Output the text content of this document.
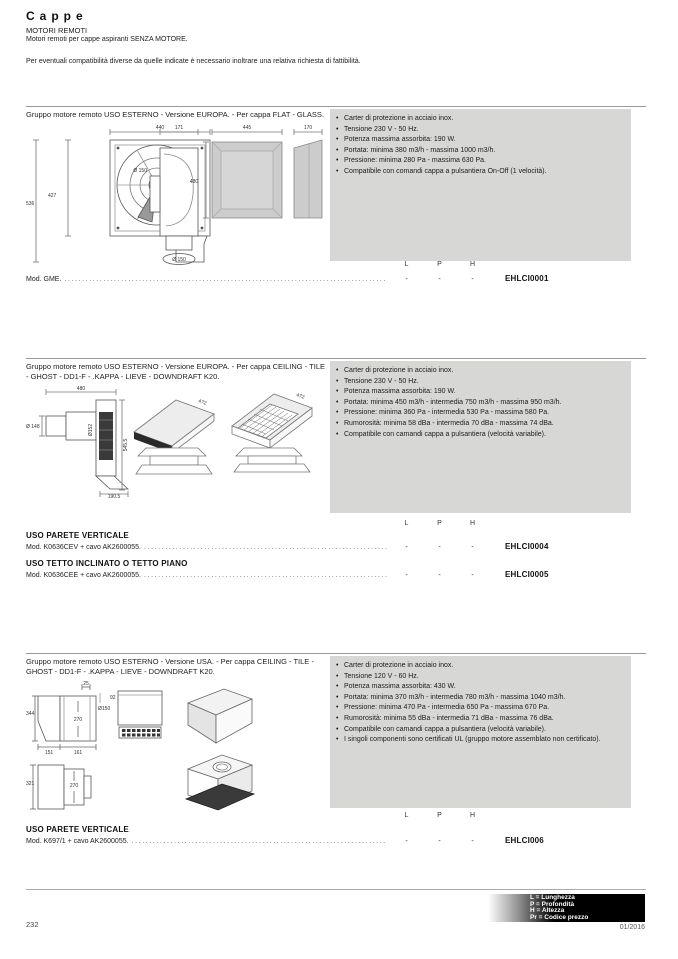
Cappe
MOTORI REMOTI
Motori remoti per cappe aspiranti SENZA MOTORE.
Per eventuali compatibilità diverse da quelle indicate è necessario inoltrare una relativa richiesta di fattibilità.
Gruppo motore remoto USO ESTERNO - Versione EUROPA. - Per cappa FLAT - GLASS.	• Carter di protezione in acciaio inox.
• Tensione 230 V - 50 Hz.
• Potenza massima assorbita: 190 W.
• Portata: minima 380 m3/h - massima 1000 m3/h.
• Pressione: minima 280 Pa - massima 630 Pa.
• Compatibile con comandi cappa a pulsantiera On-Off (1 velocità).
440 171	445	170
536
427
Ø 150
480
Ø 150
L	P	H
Mod. GME. .....	-	-	-	EHLCI0001
Gruppo motore remoto USO ESTERNO - Versione EUROPA. - Per cappa CEILING - TILE - GHOST - DD1-F - .KAPPA - LIEVE - DOWNDRAFT K20.
• Carter di protezione in acciaio inox.
• Tensione 230 V - 50 Hz.
• Potenza massima assorbita: 190 W.
• Portata: minima 450 m3/h - intermedia 750 m3/h - massima 950 m3/h.
• Pressione: minima 360 Pa - intermedia 530 Pa - massima 580 Pa.
• Rumorosità: minima 58 dBa - intermedia 70 dBa - massima 74 dBa.
• Compatibile con camandi cappa a pulsantiera (velocità variabile).
480
Ø 148	Ø152
545.5
190.5
472
472
L	P	H
USO PARETE VERTICALE
Mod. K0636CEV + cavo AK2600055. .....	-	-	-	EHLCI0004
USO TETTO INCLINATO O TETTO PIANO
Mod. K0636CEE + cavo AK2600055. .....	-	-	-	EHLCI0005
Gruppo motore remoto USO ESTERNO - Versione USA. - Per cappa CEILING - TILE - GHOST - DD1-F - .KAPPA - LIEVE - DOWNDRAFT K20.
• Carter di protezione in acciaio inox.
• Tensione 120 V - 60 Hz.
• Potenza massima assorbita: 430 W.
• Portata: minima 370 m3/h - intermedia 780 m3/h - massima 1040 m3/h.
• Pressione: minima 470 Pa - intermedia 650 Pa - massima 670 Pa.
• Rumorosità: minima 55 dBa - intermedia 71 dBa - massima 76 dBa.
• Compatibile con camandi cappa a pulsantiera (velocità variabile).
• I singoli componenti sono certificati UL (gruppo motore assemblato non certificato).
25
344
270
151	161
Ø150
92
321	270
L	P	H
USO PARETE VERTICALE
Mod. K697/1 + cavo AK2600055. .....	-	-	-	EHLCI006
L = Lunghezza
P = Profondità
H = Altezza
Pr = Codice prezzo
232	01/2016
